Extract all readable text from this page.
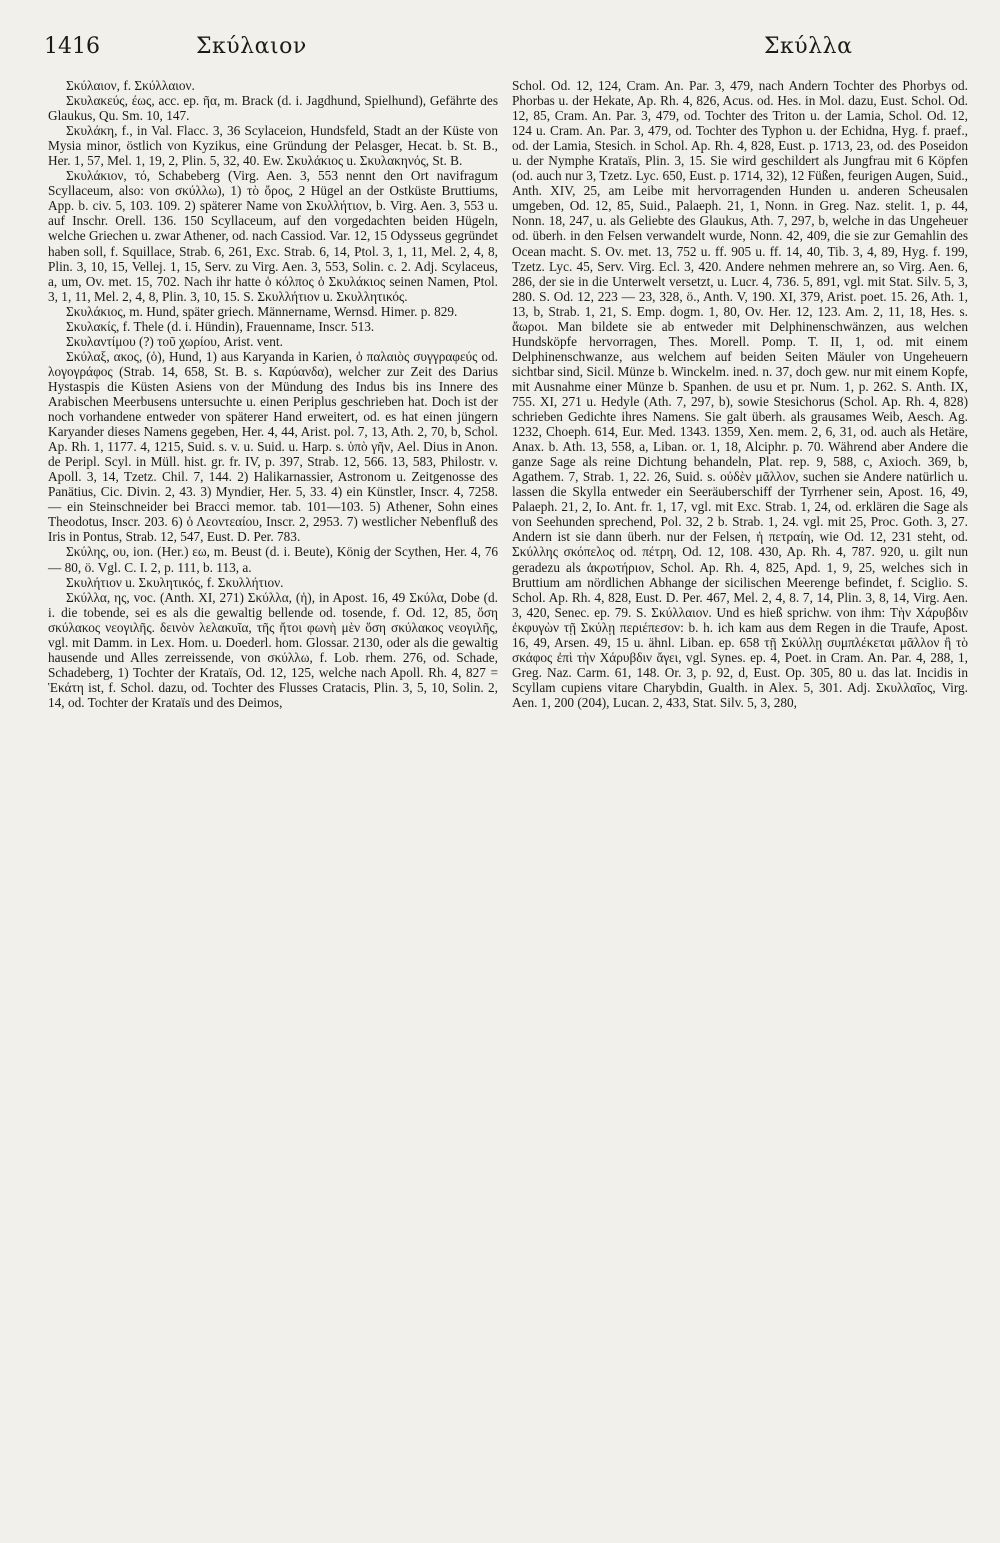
1416	Σκύλαιον	Σκύλλα

Σκύλαιον, f. Σκύλλαιον.

Σκυλακεύς, έως, acc. ep. ῆα, m. Brack (d. i. Jagdhund, Spielhund), Gefährte des Glaukus, Qu. Sm. 10, 147.

Σκυλάκη, f., in Val. Flacc. 3, 36 Scylaceion, Hundsfeld, Stadt an der Küste von Mysia minor, östlich von Kyzikus, eine Gründung der Pelasger, Hecat. b. St. B., Her. 1, 57, Mel. 1, 19, 2, Plin. 5, 32, 40. Ew. Σκυλάκιος u. Σκυλακηνός, St. B.

Σκυλάκιον, τό, Schabeberg (Virg. Aen. 3, 553 nennt den Ort navifragum Scyllaceum, also: von σκύλλω), 1) τὸ ὄρος, 2 Hügel an der Ostküste Bruttiums, App. b. civ. 5, 103. 109. 2) späterer Name von Σκυλλήτιον, b. Virg. Aen. 3, 553 u. auf Inschr. Orell. 136. 150 Scyllaceum, auf den vorgedachten beiden Hügeln, welche Griechen u. zwar Athener, od. nach Cassiod. Var. 12, 15 Odysseus gegründet haben soll, f. Squillace, Strab. 6, 261, Exc. Strab. 6, 14, Ptol. 3, 1, 11, Mel. 2, 4, 8, Plin. 3, 10, 15, Vellej. 1, 15, Serv. zu Virg. Aen. 3, 553, Solin. c. 2. Adj. Scylaceus, a, um, Ov. met. 15, 702. Nach ihr hatte ὁ κόλπος ὁ Σκυλάκιος seinen Namen, Ptol. 3, 1, 11, Mel. 2, 4, 8, Plin. 3, 10, 15. S. Σκυλλήτιον u. Σκυλλητικός.

Σκυλάκιος, m. Hund, später griech. Männername, Wernsd. Himer. p. 829.

Σκυλακίς, f. Thele (d. i. Hündin), Frauenname, Inscr. 513.

Σκυλαντίμου (?) τοῦ χωρίου, Arist. vent.

Σκύλαξ, ακος, (ὁ), Hund, 1) aus Karyanda in Karien, ὁ παλαιὸς συγγραφεύς od. λογογράφος (Strab. 14, 658, St. B. s. Καρύανδα), welcher zur Zeit des Darius Hystaspis die Küsten Asiens von der Mündung des Indus bis ins Innere des Arabischen Meerbusens untersuchte u. einen Periplus geschrieben hat. Doch ist der noch vorhandene entweder von späterer Hand erweitert, od. es hat einen jüngern Karyander dieses Namens gegeben, Her. 4, 44, Arist. pol. 7, 13, Ath. 2, 70, b, Schol. Ap. Rh. 1, 1177. 4, 1215, Suid. s. v. u. Suid. u. Harp. s. ὑπὸ γῆν, Ael. Dius in Anon. de Peripl. Scyl. in Müll. hist. gr. fr. IV, p. 397, Strab. 12, 566. 13, 583, Philostr. v. Apoll. 3, 14, Tzetz. Chil. 7, 144. 2) Halikarnassier, Astronom u. Zeitgenosse des Panätius, Cic. Divin. 2, 43. 3) Myndier, Her. 5, 33. 4) ein Künstler, Inscr. 4, 7258. — ein Steinschneider bei Bracci memor. tab. 101—103. 5) Athener, Sohn eines Theodotus, Inscr. 203. 6) ὁ Λεοντεαίου, Inscr. 2, 2953. 7) westlicher Nebenfluß des Iris in Pontus, Strab. 12, 547, Eust. D. Per. 783.

Σκύλης, ου, ion. (Her.) εω, m. Beust (d. i. Beute), König der Scythen, Her. 4, 76 — 80, ö. Vgl. C. I. 2, p. 111, b. 113, a.

Σκυλήτιον u. Σκυλητικός, f. Σκυλλήτιον.

Σκύλλα, ης, voc. (Anth. XI, 271) Σκύλλα, (ἡ), in Apost. 16, 49 Σκύλα, Dobe (d. i. die tobende, sei es als die gewaltig bellende od. tosende, f. Od. 12, 85, ὅση σκύλακος νεογιλῆς. δεινὸν λελακυῖα, τῆς ἤτοι φωνὴ μὲν ὅση σκύλακος νεογιλῆς, vgl. mit Damm. in Lex. Hom. u. Doederl. hom. Glossar. 2130, oder als die gewaltig hausende und Alles zerreissende, von σκύλλω, f. Lob. rhem. 276, od. Schade, Schadeberg, 1) Tochter der Krataïs, Od. 12, 125, welche nach Apoll. Rh. 4, 827 = Ἑκάτη ist, f. Schol. dazu, od. Tochter des Flusses Cratacis, Plin. 3, 5, 10, Solin. 2, 14, od. Tochter der Krataïs und des Deimos,

Schol. Od. 12, 124, Cram. An. Par. 3, 479, nach Andern Tochter des Phorbys od. Phorbas u. der Hekate, Ap. Rh. 4, 826, Acus. od. Hes. in Mol. dazu, Eust. Schol. Od. 12, 85, Cram. An. Par. 3, 479, od. Tochter des Triton u. der Lamia, Schol. Od. 12, 124 u. Cram. An. Par. 3, 479, od. Tochter des Typhon u. der Echidna, Hyg. f. praef., od. der Lamia, Stesich. in Schol. Ap. Rh. 4, 828, Eust. p. 1713, 23, od. des Poseidon u. der Nymphe Krataïs, Plin. 3, 15. Sie wird geschildert als Jungfrau mit 6 Köpfen (od. auch nur 3, Tzetz. Lyc. 650, Eust. p. 1714, 32), 12 Füßen, feurigen Augen, Suid., Anth. XIV, 25, am Leibe mit hervorragenden Hunden u. anderen Scheusalen umgeben, Od. 12, 85, Suid., Palaeph. 21, 1, Nonn. in Greg. Naz. stelit. 1, p. 44, Nonn. 18, 247, u. als Geliebte des Glaukus, Ath. 7, 297, b, welche in das Ungeheuer od. überh. in den Felsen verwandelt wurde, Nonn. 42, 409, die sie zur Gemahlin des Ocean macht. S. Ov. met. 13, 752 u. ff. 905 u. ff. 14, 40, Tib. 3, 4, 89, Hyg. f. 199, Tzetz. Lyc. 45, Serv. Virg. Ecl. 3, 420. Andere nehmen mehrere an, so Virg. Aen. 6, 286, der sie in die Unterwelt versetzt, u. Lucr. 4, 736. 5, 891, vgl. mit Stat. Silv. 5, 3, 280. S. Od. 12, 223 — 23, 328, ö., Anth. V, 190. XI, 379, Arist. poet. 15. 26, Ath. 1, 13, b, Strab. 1, 21, S. Emp. dogm. 1, 80, Ov. Her. 12, 123. Am. 2, 11, 18, Hes. s. ἄωροι. Man bildete sie ab entweder mit Delphinenschwänzen, aus welchen Hundsköpfe hervorragen, Thes. Morell. Pomp. T. II, 1, od. mit einem Delphinenschwanze, aus welchem auf beiden Seiten Mäuler von Ungeheuern sichtbar sind, Sicil. Münze b. Winckelm. ined. n. 37, doch gew. nur mit einem Kopfe, mit Ausnahme einer Münze b. Spanhen. de usu et pr. Num. 1, p. 262. S. Anth. IX, 755. XI, 271 u. Hedyle (Ath. 7, 297, b), sowie Stesichorus (Schol. Ap. Rh. 4, 828) schrieben Gedichte ihres Namens. Sie galt überh. als grausames Weib, Aesch. Ag. 1232, Choeph. 614, Eur. Med. 1343. 1359, Xen. mem. 2, 6, 31, od. auch als Hetäre, Anax. b. Ath. 13, 558, a, Liban. or. 1, 18, Alciphr. p. 70. Während aber Andere die ganze Sage als reine Dichtung behandeln, Plat. rep. 9, 588, c, Axioch. 369, b, Agathem. 7, Strab. 1, 22. 26, Suid. s. οὐδὲν μᾶλλον, suchen sie Andere natürlich u. lassen die Skylla entweder ein Seeräuberschiff der Tyrrhener sein, Apost. 16, 49, Palaeph. 21, 2, Io. Ant. fr. 1, 17, vgl. mit Exc. Strab. 1, 24, od. erklären die Sage als von Seehunden sprechend, Pol. 32, 2 b. Strab. 1, 24. vgl. mit 25, Proc. Goth. 3, 27. Andern ist sie dann überh. nur der Felsen, ἡ πετραίη, wie Od. 12, 231 steht, od. Σκύλλης σκόπελος od. πέτρη, Od. 12, 108. 430, Ap. Rh. 4, 787. 920, u. gilt nun geradezu als ἀκρωτήριον, Schol. Ap. Rh. 4, 825, Apd. 1, 9, 25, welches sich in Bruttium am nördlichen Abhange der sicilischen Meerenge befindet, f. Sciglio. S. Schol. Ap. Rh. 4, 828, Eust. D. Per. 467, Mel. 2, 4, 8. 7, 14, Plin. 3, 8, 14, Virg. Aen. 3, 420, Senec. ep. 79. S. Σκύλλαιον. Und es hieß sprichw. von ihm: Τὴν Χάρυβδιν ἐκφυγὼν τῇ Σκύλῃ περιέπεσον: b. h. ich kam aus dem Regen in die Traufe, Apost. 16, 49, Arsen. 49, 15 u. ähnl. Liban. ep. 658 τῇ Σκύλλῃ συμπλέκεται μᾶλλον ἢ τὸ σκάφος ἐπὶ τὴν Χάρυβδιν ἄγει, vgl. Synes. ep. 4, Poet. in Cram. An. Par. 4, 288, 1, Greg. Naz. Carm. 61, 148. Or. 3, p. 92, d, Eust. Op. 305, 80 u. das lat. Incidis in Scyllam cupiens vitare Charybdin, Gualth. in Alex. 5, 301. Adj. Σκυλλαῖος, Virg. Aen. 1, 200 (204), Lucan. 2, 433, Stat. Silv. 5, 3, 280,
